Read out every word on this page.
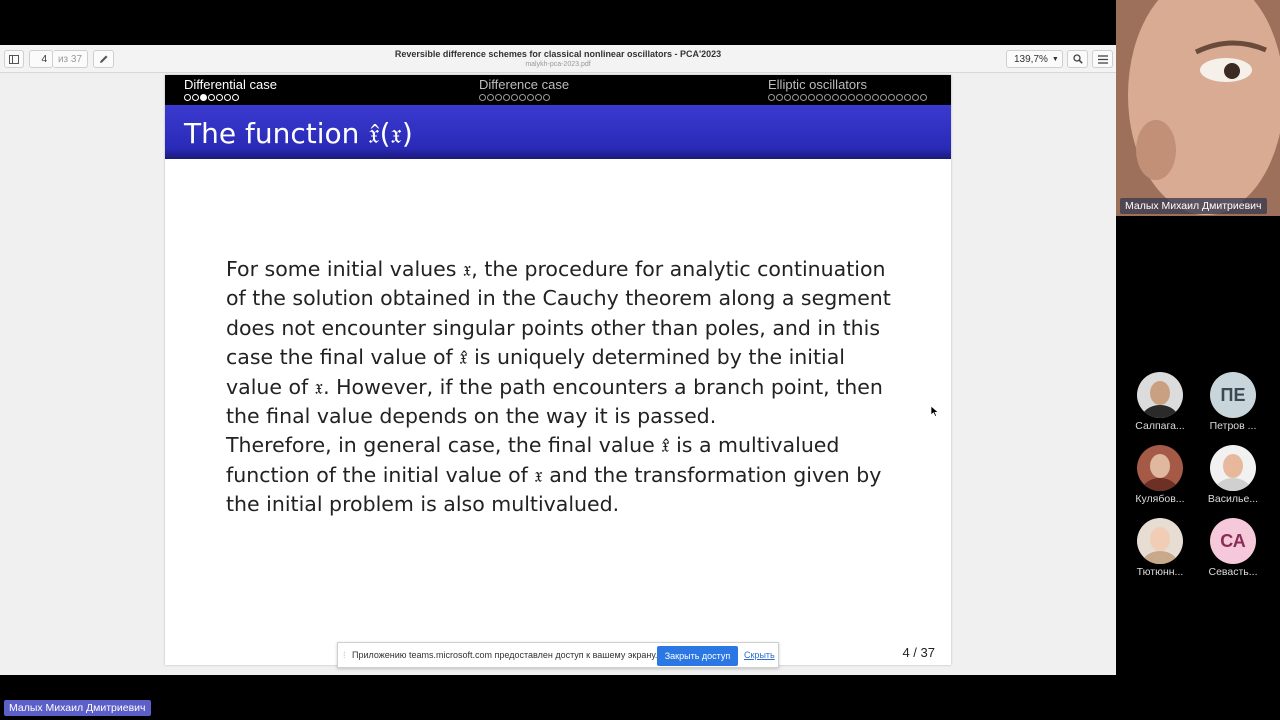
4	из 37	Reversible difference schemes for classical nonlinear oscillators - PCA'2023
malykh-pca-2023.pdf	139,7% ▼
Differential case	Difference case	Elliptic oscillators
The function 𝔵̂(𝔵)

For some initial values 𝔵, the procedure for analytic continuation of the solution obtained in the Cauchy theorem along a segment does not encounter singular points other than poles, and in this case the final value of 𝔵̂ is uniquely determined by the initial value of 𝔵. However, if the path encounters a branch point, then the final value depends on the way it is passed.

Therefore, in general case, the final value 𝔵̂ is a multivalued function of the initial value of 𝔵 and the transformation given by the initial problem is also multivalued.

4 / 37
⁞ Приложению teams.microsoft.com предоставлен доступ к вашему экрану. Закрыть доступ	Скрыть
Малых Михаил Дмитриевич
Салпага...
ПЕ
Петров ...
Кулябов...	Василье...
Тютюнн...
СА
Севасть...
Малых Михаил Дмитриевич
